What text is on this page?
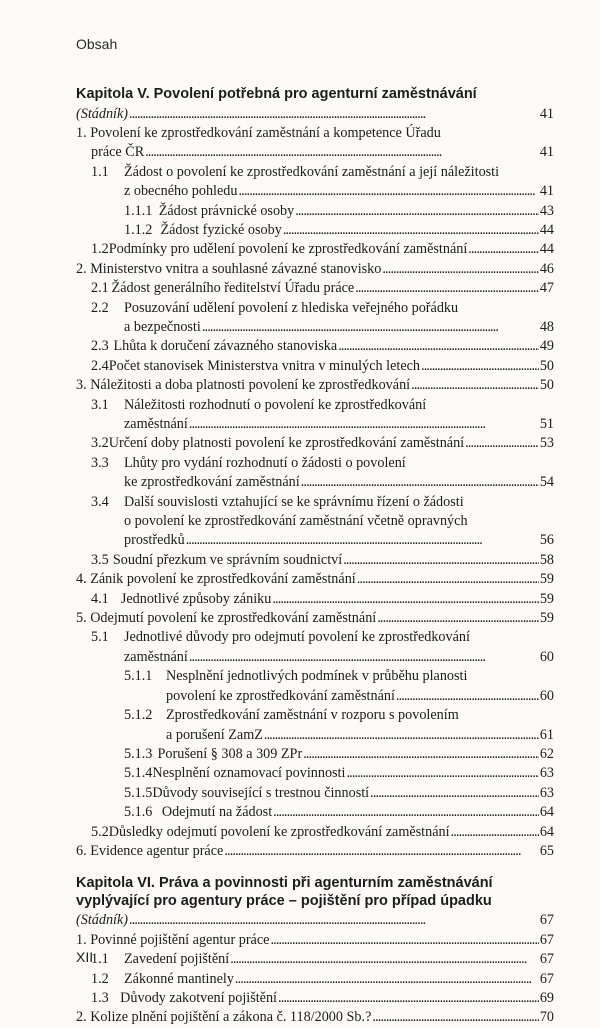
Obsah
Kapitola V. Povolení potřebná pro agenturní zaměstnávání
(Stádník) . . .	41
1. Povolení ke zprostředkování zaměstnání a kompetence Úřadu
práce ČR . . .	41
1.1 Žádost o povolení ke zprostředkování zaměstnání a její náležitosti
z obecného pohledu . . .	41
1.1.1 Žádost právnické osoby . . .	43
1.1.2 Žádost fyzické osoby . . .	44
1.2 Podmínky pro udělení povolení ke zprostředkování zaměstnání . . .	44
2.
Ministerstvo vnitra a souhlasné závazné stanovisko . . .	46
2.1 Žádost generálního ředitelství Úřadu práce . . .	47
2.2 Posuzování udělení povolení z hlediska veřejného pořádku
a bezpečnosti . . .	48
2.3 Lhůta k doručení závazného stanoviska . . .	49
2.4 Počet stanovisek Ministerstva vnitra v minulých letech . . .	50
3.
Náležitosti a doba platnosti povolení ke zprostředkování . . .	50
3.1 Náležitosti rozhodnutí o povolení ke zprostředkování
zaměstnání . . .	51
3.2 Určení doby platnosti povolení ke zprostředkování zaměstnání . . .	53
3.3 Lhůty pro vydání rozhodnutí o žádosti o povolení
ke zprostředkování zaměstnání . . .	54
3.4 Další souvislosti vztahující se ke správnímu řízení o žádosti
o povolení ke zprostředkování zaměstnání včetně opravných
prostředků . . .	56
3.5 Soudní přezkum ve správním soudnictví . . .	58
4.
Zánik povolení ke zprostředkování zaměstnání . . .	59
4.1 Jednotlivé způsoby zániku . . .	59
5.
Odejmutí povolení ke zprostředkování zaměstnání . . .	59
5.1 Jednotlivé důvody pro odejmutí povolení ke zprostředkování
zaměstnání . . .	60
5.1.1 Nesplnění jednotlivých podmínek v průběhu planosti
povolení ke zprostředkování zaměstnání . . .	60
5.1.2 Zprostředkování zaměstnání v rozporu s povolením
a porušení ZamZ . . .	61
5.1.3 Porušení § 308 a 309 ZPr . . .	62
5.1.4 Nesplnění oznamovací povinnosti . . .	63
5.1.5 Důvody související s trestnou činností . . .	63
5.1.6 Odejmutí na žádost . . .	64
5.2 Důsledky odejmutí povolení ke zprostředkování zaměstnání . . .	64
6.
Evidence agentur práce . . .	65
Kapitola VI. Práva a povinnosti při agenturním zaměstnávání
vyplývající pro agentury práce – pojištění pro případ úpadku
(Stádník) . . .	67
1.
Povinné pojištění agentur práce . . .	67
1.1	Zavedení pojištění . . .	67
1.2	Zákonné mantinely . . .	67
1.3 Důvody zakotvení pojištění . . .	69
2.
Kolize plnění pojištění a zákona č. 118/2000 Sb.? . . .	70
XII
